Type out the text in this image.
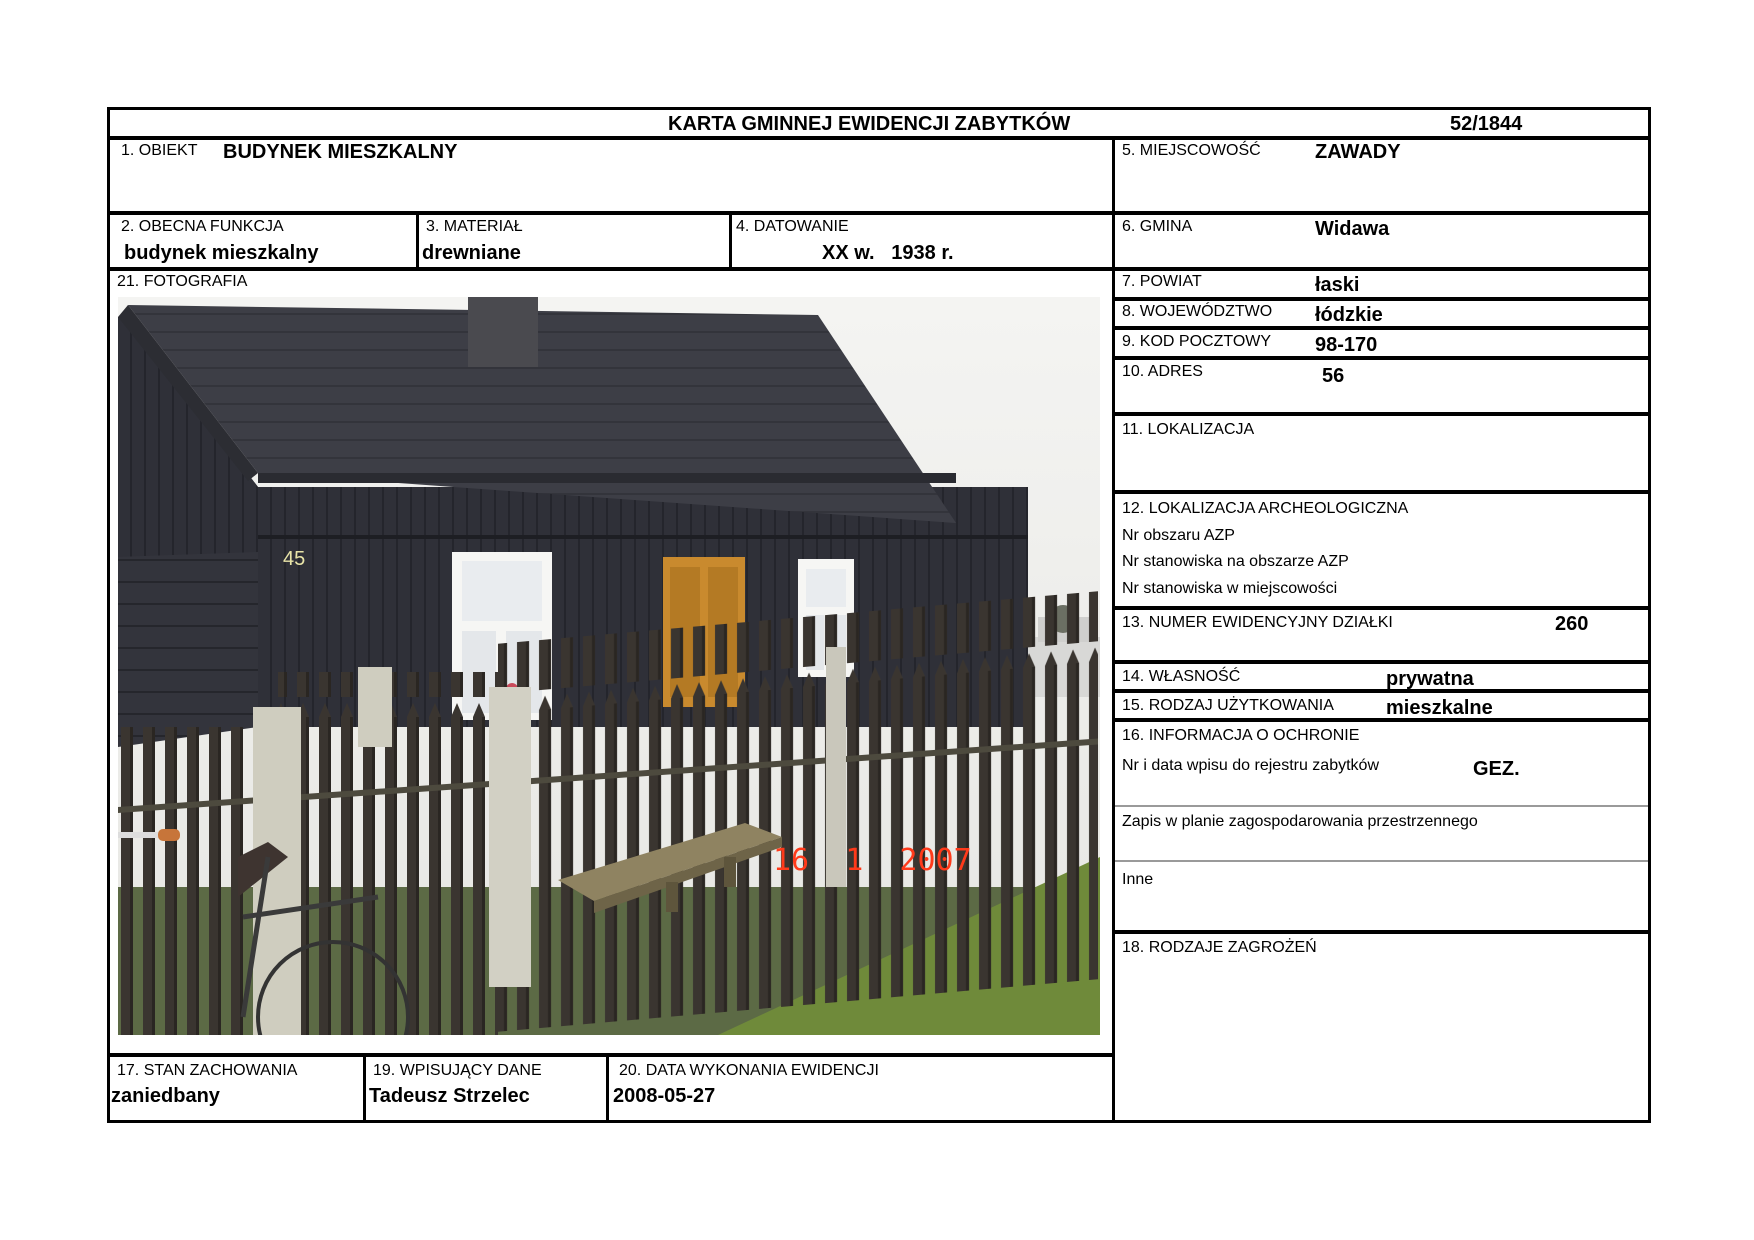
KARTA GMINNEJ EWIDENCJI ZABYTKÓW	52/1844
1. OBIEKT BUDYNEK MIESZKALNY
2. OBECNA FUNKCJA
budynek mieszkalny
3. MATERIAŁ
drewniane
4. DATOWANIE
XX w.   1938 r.
21. FOTOGRAFIA
45
16  1  2007
17. STAN ZACHOWANIA
zaniedbany
19. WPISUJĄCY DANE
Tadeusz Strzelec
20. DATA WYKONANIA EWIDENCJI
2008-05-27
5. MIEJSCOWOŚĆ	ZAWADY
6. GMINA	Widawa
7. POWIAT	łaski
8. WOJEWÓDZTWO łódzkie
9. KOD POCZTOWY 98-170
10. ADRES	56
11. LOKALIZACJA
12. LOKALIZACJA ARCHEOLOGICZNA
Nr obszaru AZP
Nr stanowiska na obszarze AZP
Nr stanowiska w miejscowości
13. NUMER EWIDENCYJNY DZIAŁKI	260
14. WŁASNOŚĆ	prywatna
15. RODZAJ UŻYTKOWANIA	mieszkalne
16. INFORMACJA O OCHRONIE
Nr i data wpisu do rejestru zabytków	GEZ.
Zapis w planie zagospodarowania przestrzennego
Inne
18. RODZAJE ZAGROŻEŃ
